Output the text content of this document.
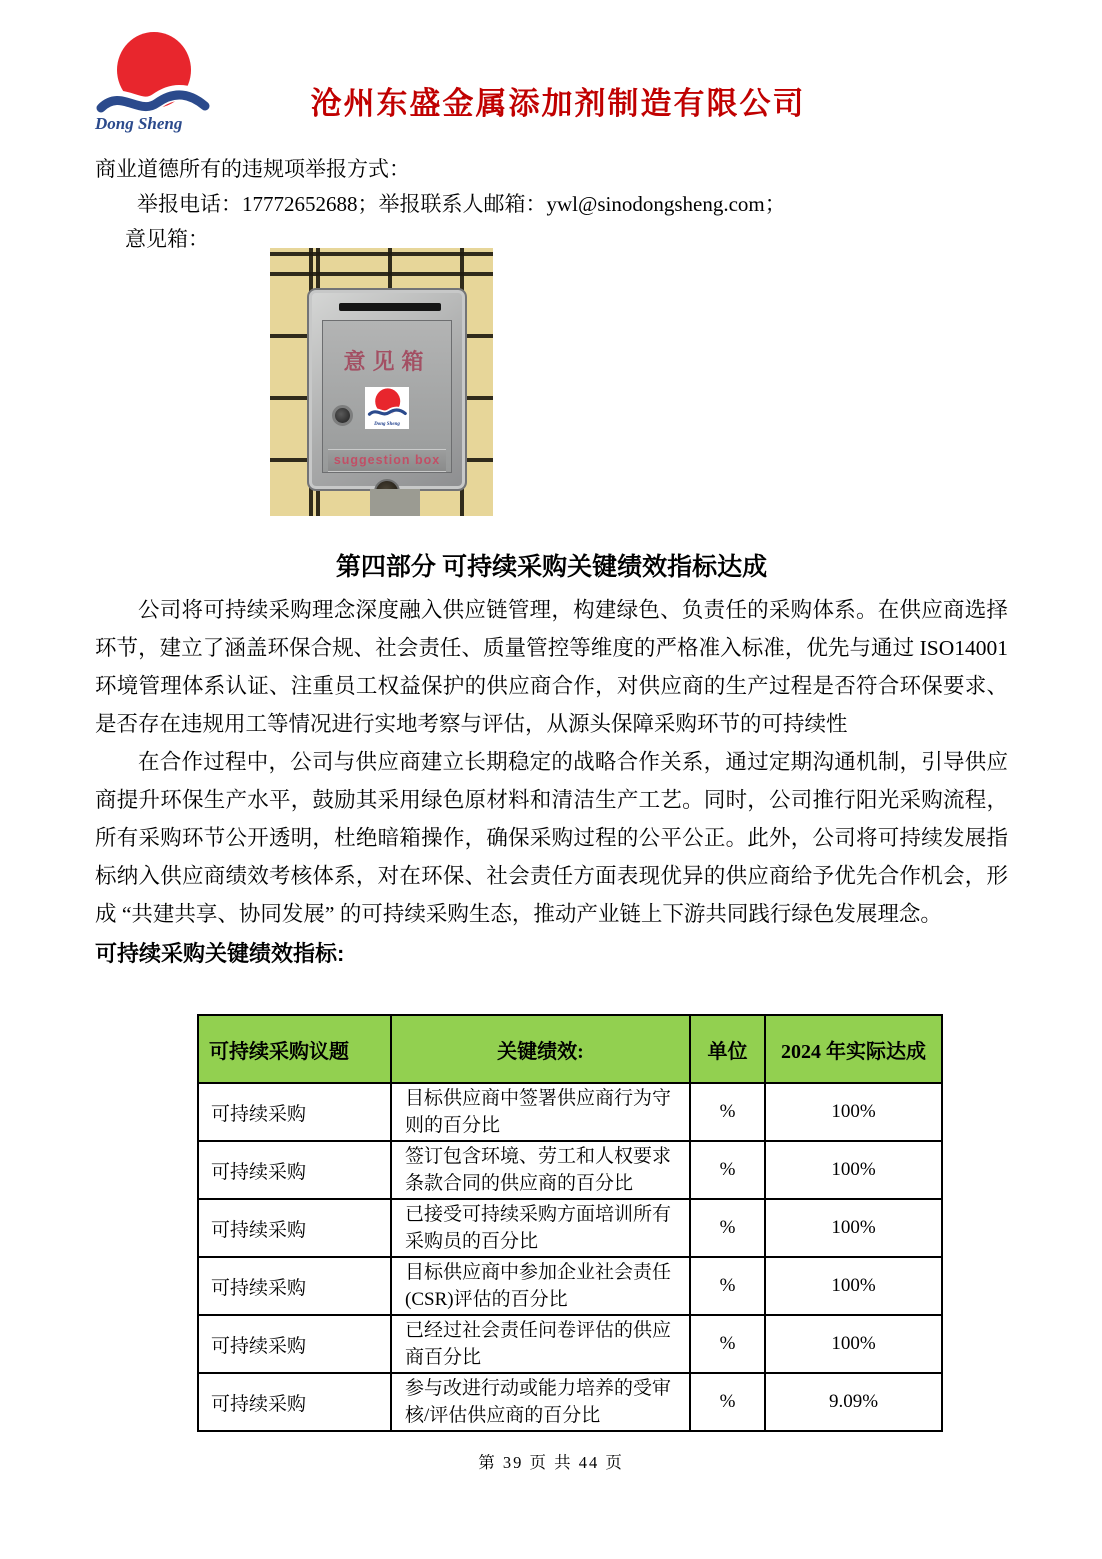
Dong Sheng
沧州东盛金属添加剂制造有限公司
商业道德所有的违规项举报方式：
举报电话：17772652688；举报联系人邮箱：ywl@sinodongsheng.com；
意见箱：
意见箱
Dong Sheng
suggestion box
第四部分 可持续采购关键绩效指标达成

公司将可持续采购理念深度融入供应链管理，构建绿色、负责任的采购体系。在供应商选择环节，建立了涵盖环保合规、社会责任、质量管控等维度的严格准入标准，优先与通过 ISO14001 环境管理体系认证、注重员工权益保护的供应商合作，对供应商的生产过程是否符合环保要求、是否存在违规用工等情况进行实地考察与评估，从源头保障采购环节的可持续性

在合作过程中，公司与供应商建立长期稳定的战略合作关系，通过定期沟通机制，引导供应商提升环保生产水平，鼓励其采用绿色原材料和清洁生产工艺。同时，公司推行阳光采购流程，所有采购环节公开透明，杜绝暗箱操作，确保采购过程的公平公正。此外，公司将可持续发展指标纳入供应商绩效考核体系，对在环保、社会责任方面表现优异的供应商给予优先合作机会，形成 “共建共享、协同发展” 的可持续采购生态，推动产业链上下游共同践行绿色发展理念。

可持续采购关键绩效指标:

可持续采购议题	关键绩效:	单位	2024 年实际达成
可持续采购	目标供应商中签署供应商行为守则的百分比	%	100%
可持续采购	签订包含环境、劳工和人权要求条款合同的供应商的百分比	%	100%
可持续采购	已接受可持续采购方面培训所有采购员的百分比	%	100%
可持续采购	目标供应商中参加企业社会责任(CSR)评估的百分比	%	100%
可持续采购	已经过社会责任问卷评估的供应商百分比	%	100%
可持续采购	参与改进行动或能力培养的受审核/评估供应商的百分比	%	9.09%
第 39 页 共 44 页
